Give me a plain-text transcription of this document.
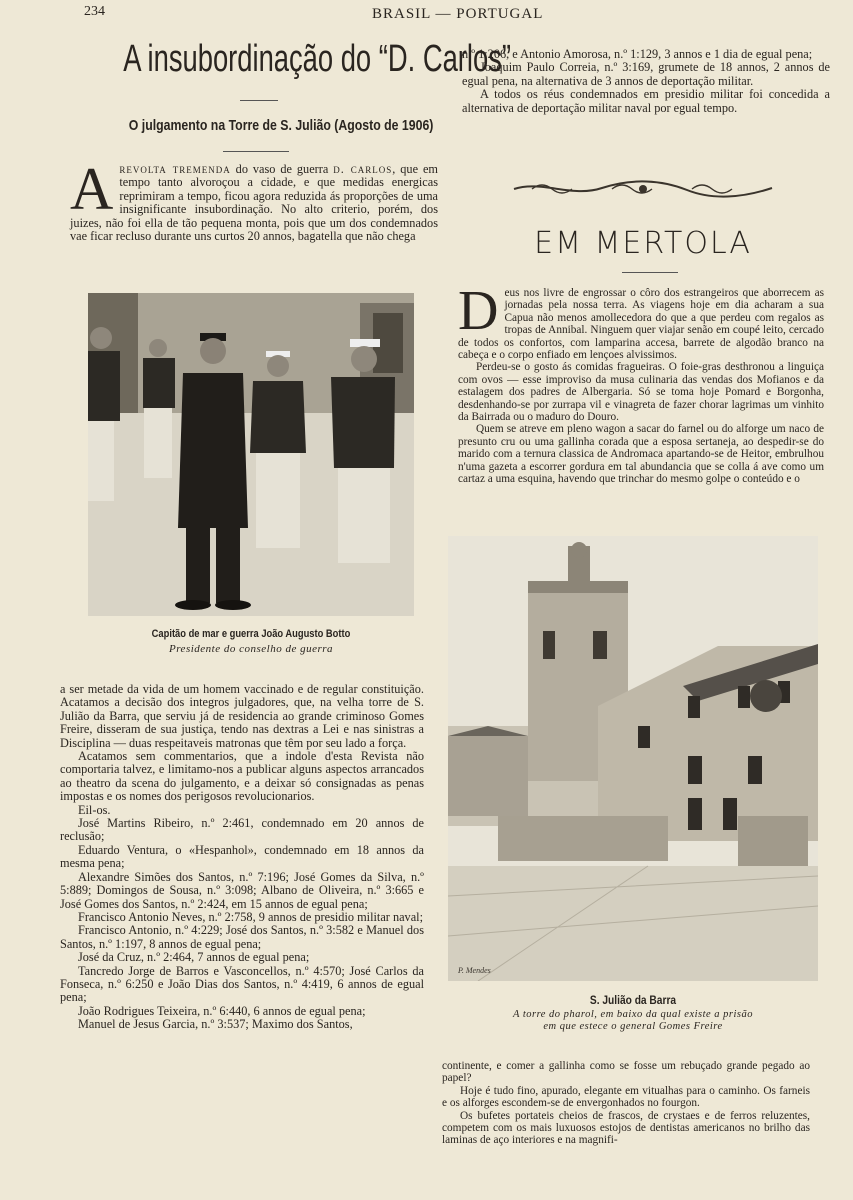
234	BRASIL — PORTUGAL
A insubordinação do “D. Carlos”
O julgamento na Torre de S. Julião (Agosto de 1906)
Arevolta tremenda do vaso de guerra d. carlos, que em tempo tanto alvoroçou a cidade, e que medidas energicas reprimiram a tempo, ficou agora reduzida ás proporções de uma insignificante insubordinação. No alto criterio, porém, dos juizes, não foi ella de tão pequena monta, pois que um dos condemnados vae ficar recluso durante uns curtos 20 annos, bagatella que não chega
Capitão de mar e guerra João Augusto Botto
Presidente do conselho de guerra

a ser metade da vida de um homem vaccinado e de regular constituição. Acatamos a decisão dos integros julgadores, que, na velha torre de S. Julião da Barra, que serviu já de residencia ao grande criminoso Gomes Freire, disseram de sua justiça, tendo nas dextras a Lei e nas sinistras a Disciplina — duas respeitaveis matronas que têm por seu lado a força.

Acatamos sem commentarios, que a indole d'esta Revista não comportaria talvez, e limitamo-nos a publicar alguns aspectos arrancados ao theatro da scena do julgamento, e a deixar só consignadas as penas impostas e os nomes dos perigosos revolucionarios.

Eil-os.

José Martins Ribeiro, n.º 2:461, condemnado em 20 annos de reclusão;

Eduardo Ventura, o «Hespanhol», condemnado em 18 annos da mesma pena;

Alexandre Simões dos Santos, n.º 7:196; José Gomes da Silva, n.º 5:889; Domingos de Sousa, n.º 3:098; Albano de Oliveira, n.º 3:665 e José Gomes dos Santos, n.º 2:424, em 15 annos de egual pena;

Francisco Antonio Neves, n.º 2:758, 9 annos de presidio militar naval;

Francisco Antonio, n.º 4:229; José dos Santos, n.º 3:582 e Manuel dos Santos, n.º 1:197, 8 annos de egual pena;

José da Cruz, n.º 2:464, 7 annos de egual pena;

Tancredo Jorge de Barros e Vasconcellos, n.º 4:570; José Carlos da Fonseca, n.º 6:250 e João Dias dos Santos, n.º 4:419, 6 annos de egual pena;

João Rodrigues Teixeira, n.º 6:440, 6 annos de egual pena;

Manuel de Jesus Garcia, n.º 3:537; Maximo dos Santos,

n.º 1:206, e Antonio Amorosa, n.º 1:129, 3 annos e 1 dia de egual pena;

Joaquim Paulo Correia, n.º 3:169, grumete de 18 annos, 2 annos de egual pena, na alternativa de 3 annos de deportação militar.

A todos os réus condemnados em presidio militar foi concedida a alternativa de deportação militar naval por egual tempo.

EM MERTOLA
Deus nos livre de engrossar o côro dos estrangeiros que aborrecem as jornadas pela nossa terra. As viagens hoje em dia acharam a sua Capua não menos amollecedora do que a que perdeu com regalos as tropas de Annibal. Ninguem quer viajar senão em coupé leito, cercado de todos os confortos, com lamparina accesa, barrete de algodão branco na cabeça e o corpo enfiado em lençoes alvissimos.

Perdeu-se o gosto ás comidas fragueiras. O foie-gras desthronou a linguiça com ovos — esse improviso da musa culinaria das vendas dos Mofianos e da estalagem dos padres de Albergaria. Só se toma hoje Pomard e Borgonha, desdenhando-se por zurrapa vil e vinagreta de fazer chorar lagrimas um vinhito da Bairrada ou o maduro do Douro.

Quem se atreve em pleno wagon a sacar do farnel ou do alforge um naco de presunto cru ou uma gallinha corada que a esposa sertaneja, ao despedir-se do marido com a ternura classica de Andromaca apartando-se de Heitor, embrulhou n'uma gazeta a escorrer gordura em tal abundancia que se colla á ave como um cartaz a uma esquina, havendo que trinchar do mesmo golpe o conteúdo e o

P. Mendes
S. Julião da Barra
A torre do pharol, em baixo da qual existe a prisão
em que estece o general Gomes Freire

continente, e comer a gallinha como se fosse um rebuçado grande pegado ao papel?

Hoje é tudo fino, apurado, elegante em vitualhas para o caminho. Os farneis e os alforges escondem-se de envergonhados no fourgon.

Os bufetes portateis cheios de frascos, de crystaes e de ferros reluzentes, competem com os mais luxuosos estojos de dentistas americanos no brilho das laminas de aço interiores e na magnifi-
